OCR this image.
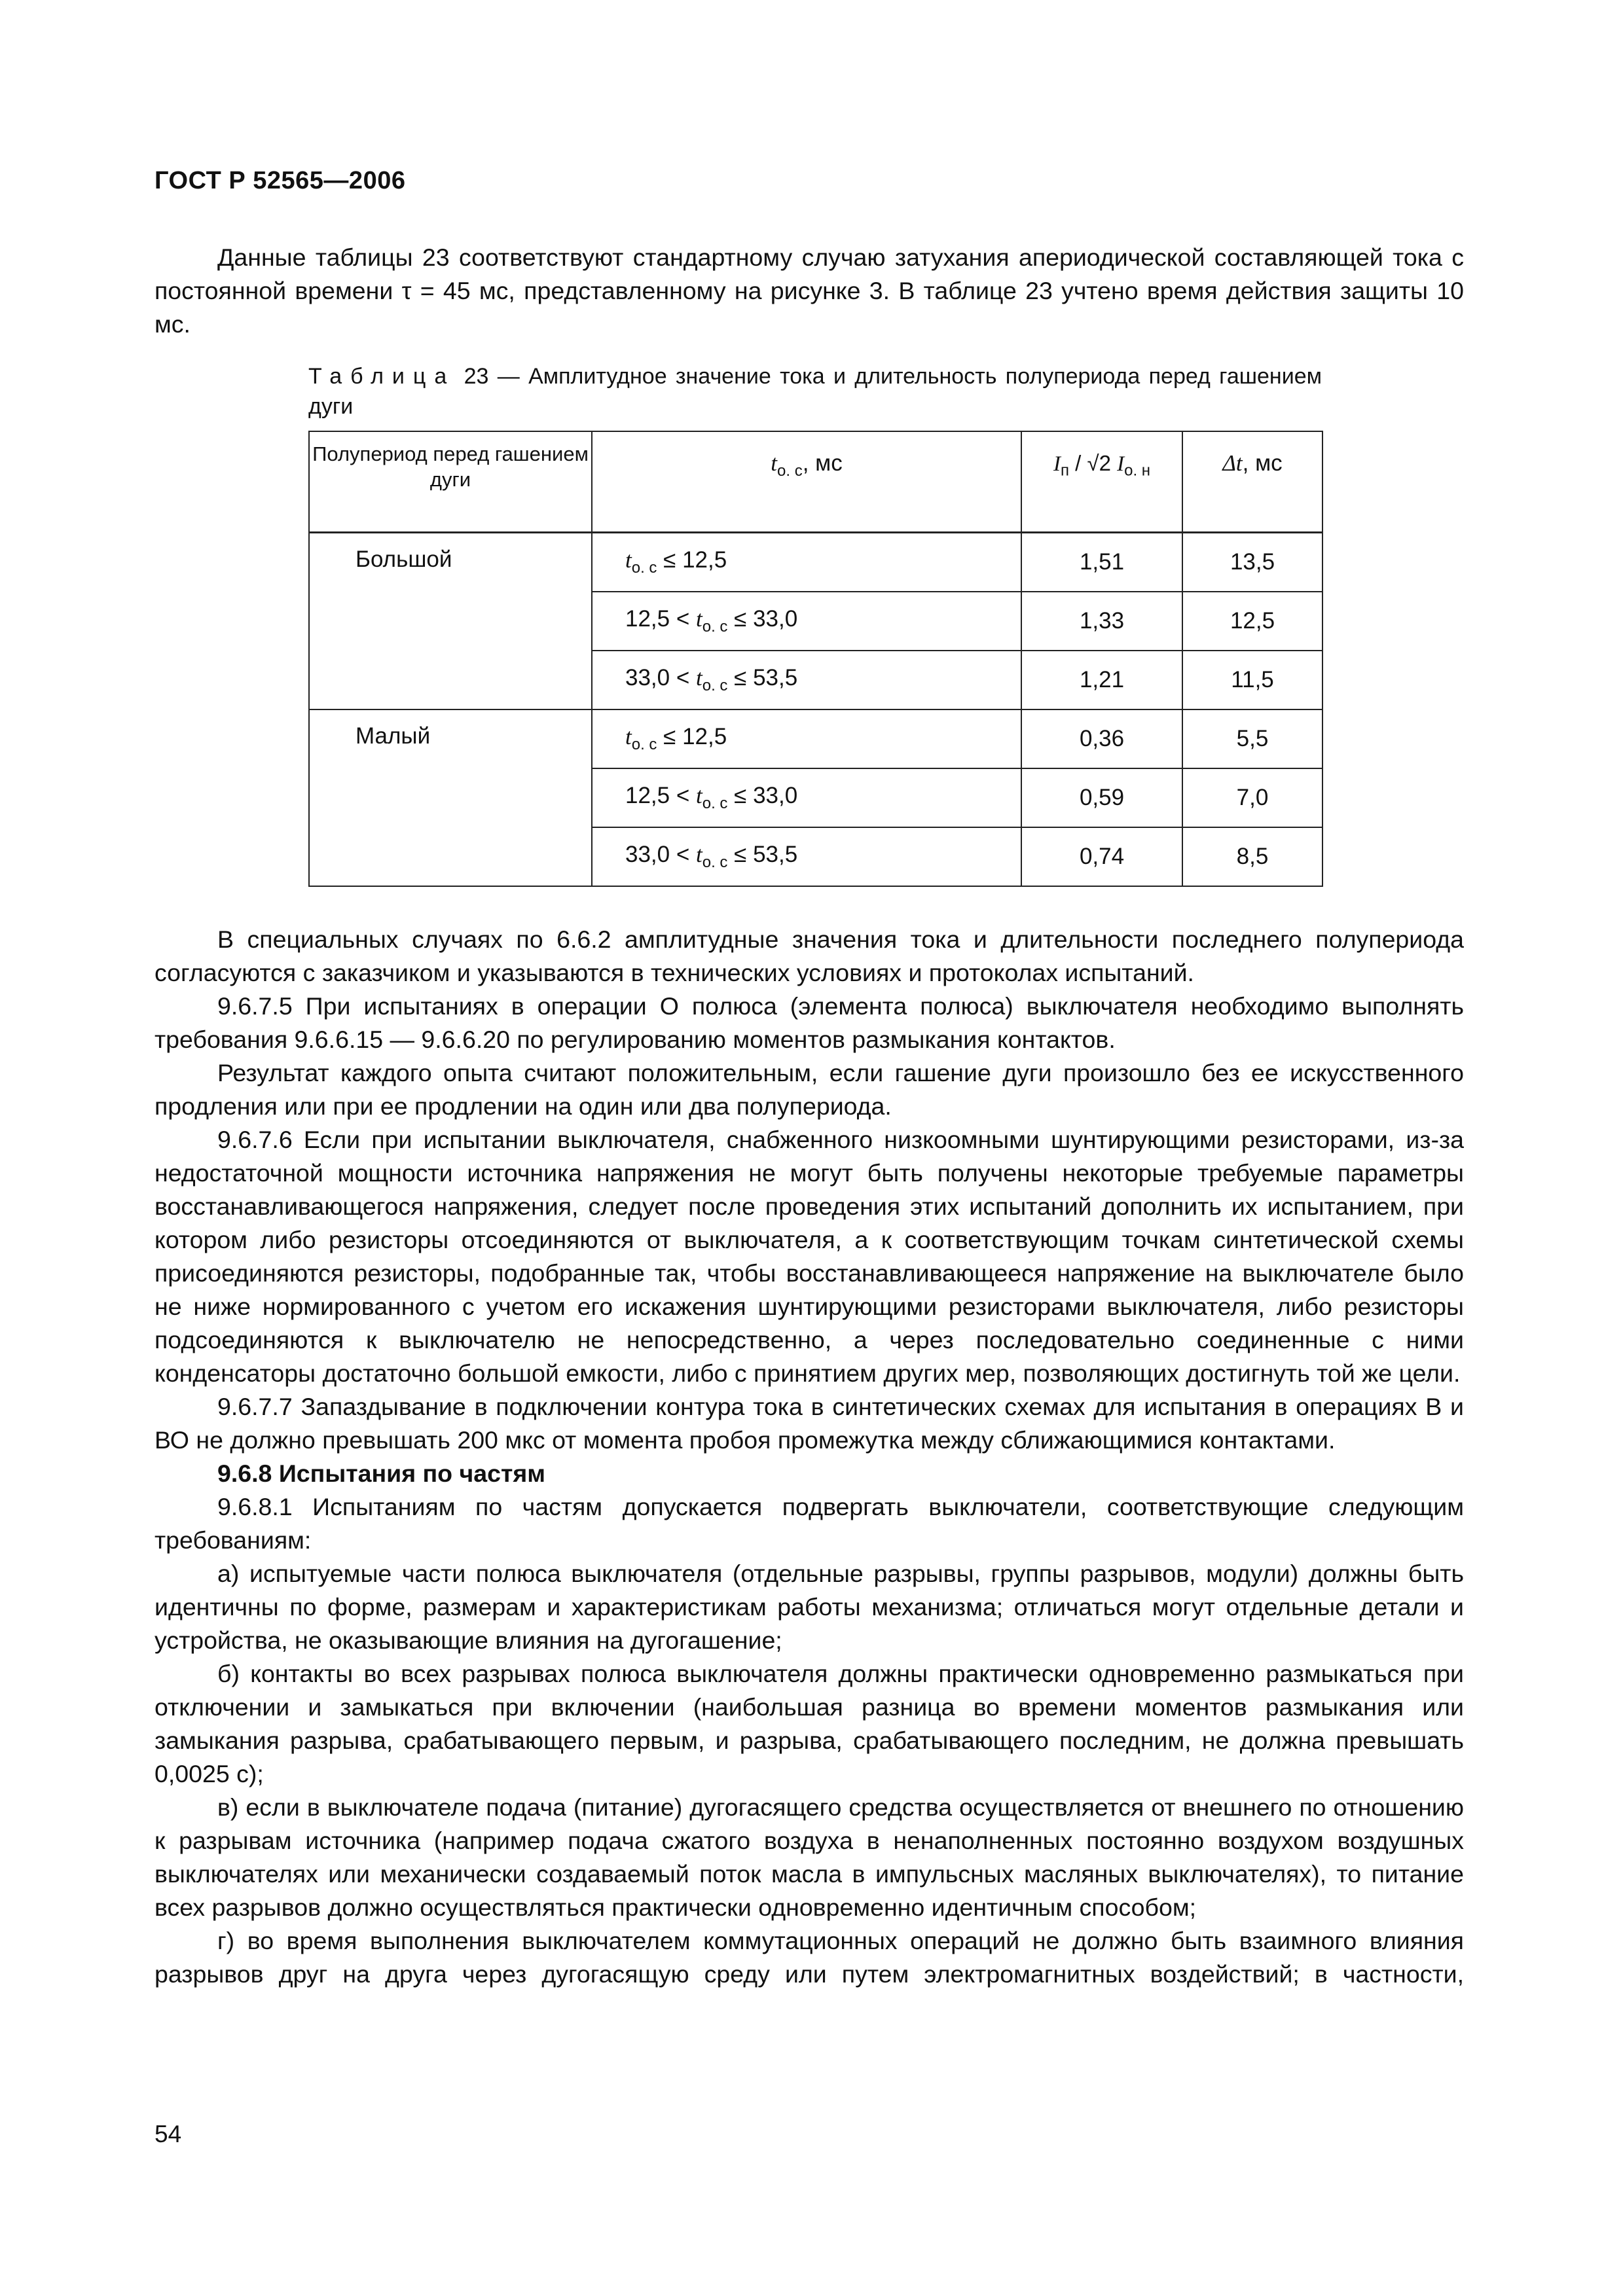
ГОСТ Р 52565—2006

Данные таблицы 23 соответствуют стандартному случаю затухания апериодической составляющей тока с постоянной времени τ = 45 мс, представленному на рисунке 3. В таблице 23 учтено время действия защиты 10 мс.

Таблица 23 — Амплитудное значение тока и длительность полупериода перед гашением дуги
Полупериод перед гашением дуги	$t_{о. с}$, мс	$I_п / √2$ $I_{о. н}$	Δt, мс
Большой	$t_{о. с} \le 12,5$	1,51	13,5
	$12,5 < t_{о. с} \le 33,0$	1,33	12,5
	$33,0 < t_{о. с} \le 53,5$	1,21	11,5
Малый	$t_{о. с} \le 12,5$	0,36	5,5
	$12,5 < t_{о. с} \le 33,0$	0,59	7,0
	$33,0 < t_{о. с} \le 53,5$	0,74	8,5

В специальных случаях по 6.6.2 амплитудные значения тока и длительности последнего полупериода согласуются с заказчиком и указываются в технических условиях и протоколах испытаний.

9.6.7.5 При испытаниях в операции О полюса (элемента полюса) выключателя необходимо выполнять требования 9.6.6.15 — 9.6.6.20 по регулированию моментов размыкания контактов.

Результат каждого опыта считают положительным, если гашение дуги произошло без ее искусственного продления или при ее продлении на один или два полупериода.

9.6.7.6 Если при испытании выключателя, снабженного низкоомными шунтирующими резисторами, из-за недостаточной мощности источника напряжения не могут быть получены некоторые требуемые параметры восстанавливающегося напряжения, следует после проведения этих испытаний дополнить их испытанием, при котором либо резисторы отсоединяются от выключателя, а к соответствующим точкам синтетической схемы присоединяются резисторы, подобранные так, чтобы восстанавливающееся напряжение на выключателе было не ниже нормированного с учетом его искажения шунтирующими резисторами выключателя, либо резисторы подсоединяются к выключателю не непосредственно, а через последовательно соединенные с ними конденсаторы достаточно большой емкости, либо с принятием других мер, позволяющих достигнуть той же цели.

9.6.7.7 Запаздывание в подключении контура тока в синтетических схемах для испытания в операциях В и ВО не должно превышать 200 мкс от момента пробоя промежутка между сближающимися контактами.

9.6.8 Испытания по частям

9.6.8.1 Испытаниям по частям допускается подвергать выключатели, соответствующие следующим требованиям:

а) испытуемые части полюса выключателя (отдельные разрывы, группы разрывов, модули) должны быть идентичны по форме, размерам и характеристикам работы механизма; отличаться могут отдельные детали и устройства, не оказывающие влияния на дугогашение;

б) контакты во всех разрывах полюса выключателя должны практически одновременно размыкаться при отключении и замыкаться при включении (наибольшая разница во времени моментов размыкания или замыкания разрыва, срабатывающего первым, и разрыва, срабатывающего последним, не должна превышать 0,0025 с);

в) если в выключателе подача (питание) дугогасящего средства осуществляется от внешнего по отношению к разрывам источника (например подача сжатого воздуха в ненаполненных постоянно воздухом воздушных выключателях или механически создаваемый поток масла в импульсных масляных выключателях), то питание всех разрывов должно осуществляться практически одновременно идентичным способом;

г) во время выполнения выключателем коммутационных операций не должно быть взаимного влияния разрывов друг на друга через дугогасящую среду или путем электромагнитных воздействий; в частности,

54
